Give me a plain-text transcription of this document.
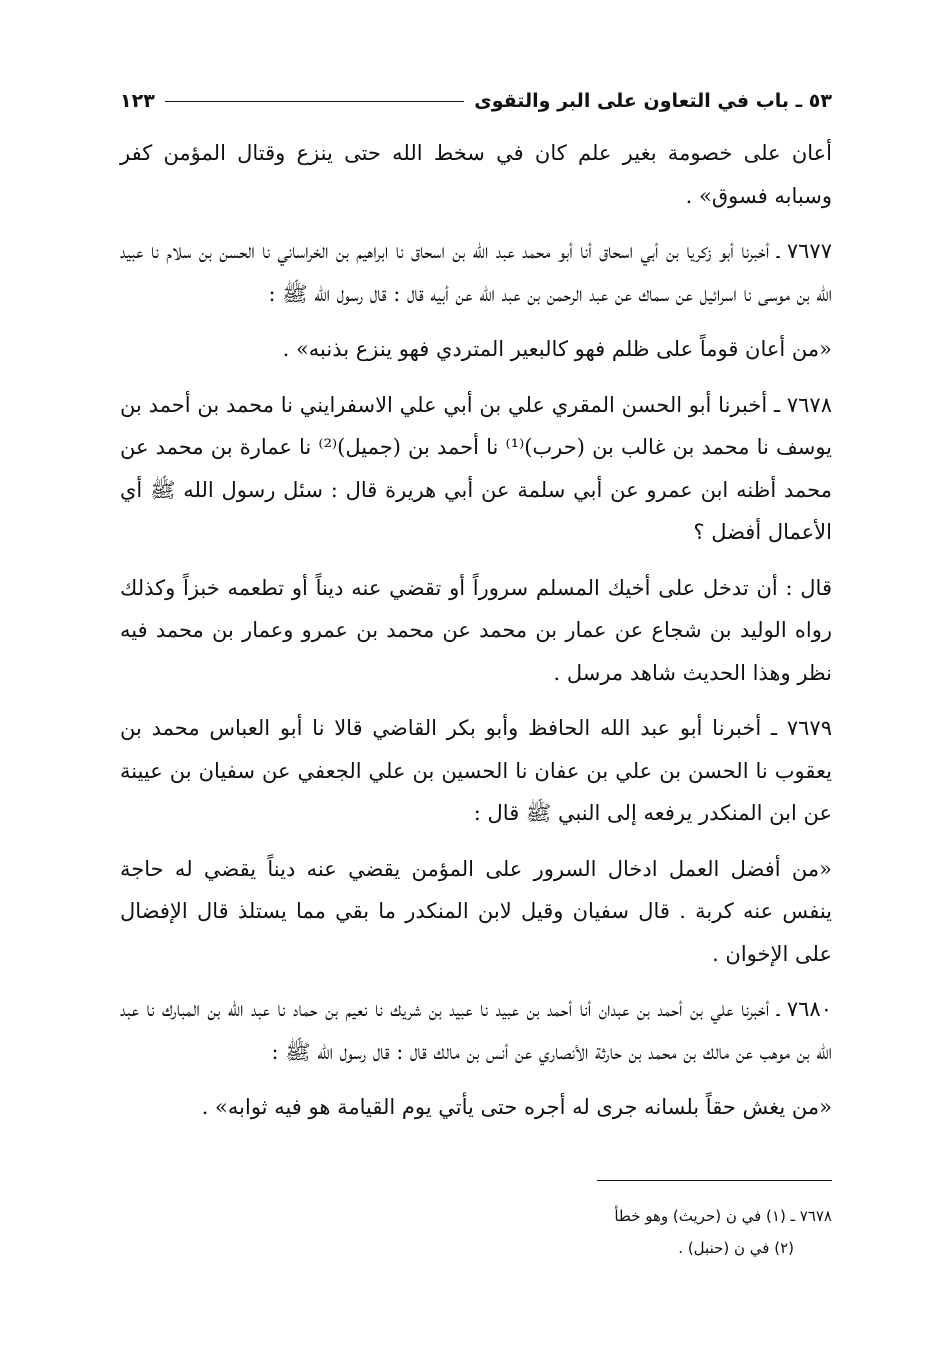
٥٣ ـ باب في التعاون على البر والتقوى
١٢٣

أعان على خصومة بغير علم كان في سخط الله حتى ينزع وقتال المؤمن كفر وسبابه فسوق» .

٧٦٧٧ ـ أخبرنا أبو زكريا بن أبي اسحاق أنا أبو محمد عبد الله بن اسحاق نا ابراهيم بن الخراساني نا الحسن بن سلام نا عبيد الله بن موسى نا اسرائيل عن سماك عن عبد الرحمن بن عبد الله عن أبيه قال : قال رسول الله ﷺ :

«من أعان قوماً على ظلم فهو كالبعير المتردي فهو ينزع بذنبه» .

٧٦٧٨ ـ أخبرنا أبو الحسن المقري علي بن أبي علي الاسفرايني نا محمد بن أحمد بن يوسف نا محمد بن غالب بن (حرب)⁽¹⁾ نا أحمد بن (جميل)⁽²⁾ نا عمارة بن محمد عن محمد أظنه ابن عمرو عن أبي سلمة عن أبي هريرة قال : سئل رسول الله ﷺ أي الأعمال أفضل ؟

قال : أن تدخل على أخيك المسلم سروراً أو تقضي عنه ديناً أو تطعمه خبزاً وكذلك رواه الوليد بن شجاع عن عمار بن محمد عن محمد بن عمرو وعمار بن محمد فيه نظر وهذا الحديث شاهد مرسل .

٧٦٧٩ ـ أخبرنا أبو عبد الله الحافظ وأبو بكر القاضي قالا نا أبو العباس محمد بن يعقوب نا الحسن بن علي بن عفان نا الحسين بن علي الجعفي عن سفيان بن عيينة عن ابن المنكدر يرفعه إلى النبي ﷺ قال :

«من أفضل العمل ادخال السرور على المؤمن يقضي عنه ديناً يقضي له حاجة ينفس عنه كربة . قال سفيان وقيل لابن المنكدر ما بقي مما يستلذ قال الإفضال على الإخوان .

٧٦٨٠ ـ أخبرنا علي بن أحمد بن عبدان أنا أحمد بن عبيد نا عبيد بن شريك نا نعيم بن حماد نا عبد الله بن المبارك نا عبد الله بن موهب عن مالك بن محمد بن حارثة الأنصاري عن أنس بن مالك قال : قال رسول الله ﷺ :

«من يغش حقاً بلسانه جرى له أجره حتى يأتي يوم القيامة هو فيه ثوابه» .

٧٦٧٨ ـ (١) في ن (حريث) وهو خطأ
(٢) في ن (حنبل) .
